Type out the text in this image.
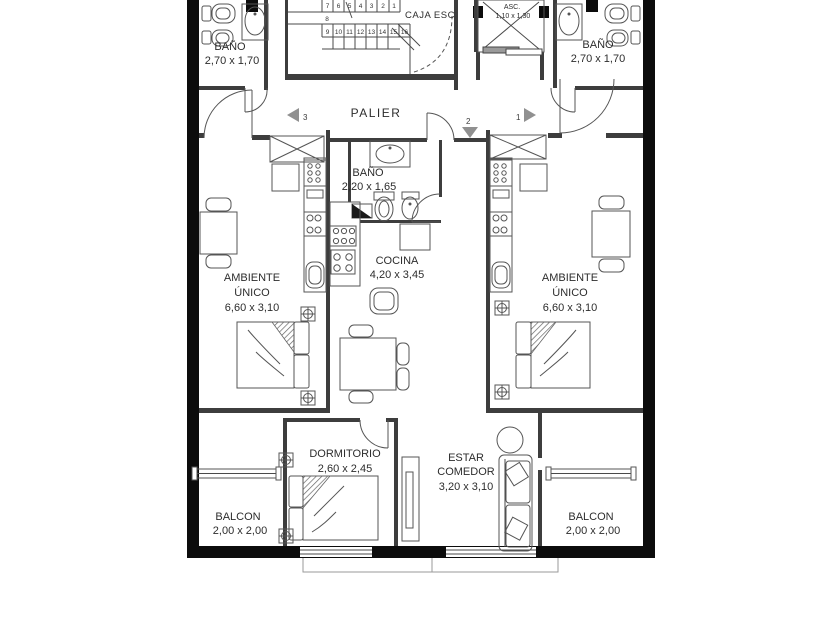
7 6 5 4 3 2 1
8
9 10 11 12 13 14 15 16
CAJA ESC
ASC.
1,10 x 1,30
3	2	1
BAÑO
2,70 x 1,70
BAÑO
2,70 x 1,70
PALIER
BAÑO
2,20 x 1,65
COCINA
4,20 x 3,45
AMBIENTE
ÚNICO
6,60 x 3,10
AMBIENTE
ÚNICO
6,60 x 3,10
DORMITORIO
2,60 x 2,45
ESTAR
COMEDOR
3,20 x 3,10
BALCON
2,00 x 2,00
BALCON
2,00 x 2,00
